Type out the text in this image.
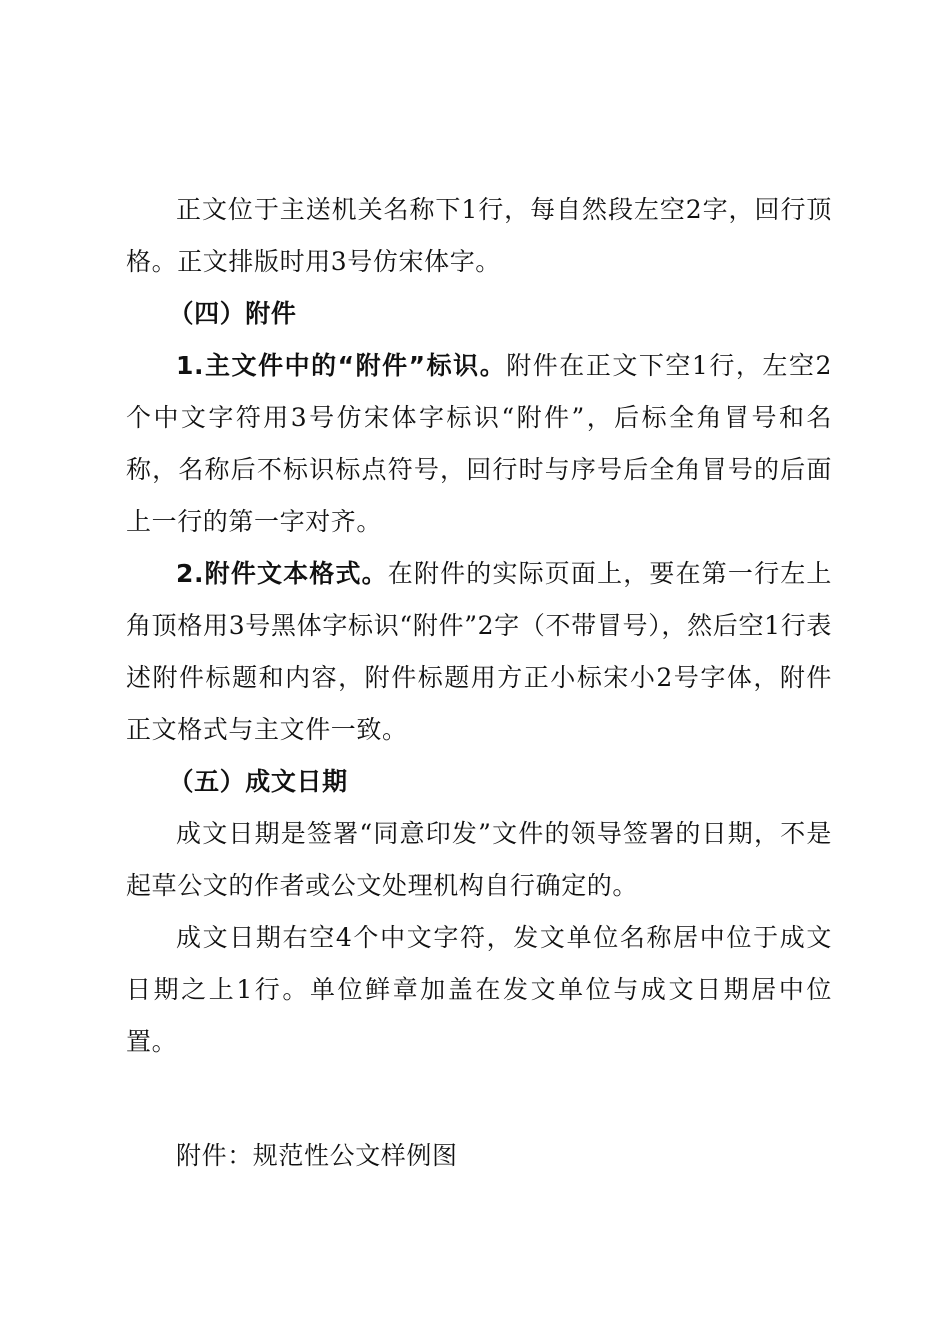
正文位于主送机关名称下1行，每自然段左空2字，回行顶格。正文排版时用3号仿宋体字。

（四）附件

1.主文件中的“附件”标识。附件在正文下空1行，左空2个中文字符用3号仿宋体字标识“附件”，后标全角冒号和名称，名称后不标识标点符号，回行时与序号后全角冒号的后面上一行的第一字对齐。

2.附件文本格式。在附件的实际页面上，要在第一行左上角顶格用3号黑体字标识“附件”2字（不带冒号），然后空1行表述附件标题和内容，附件标题用方正小标宋小2号字体，附件正文格式与主文件一致。

（五）成文日期

成文日期是签署“同意印发”文件的领导签署的日期，不是起草公文的作者或公文处理机构自行确定的。

成文日期右空4个中文字符，发文单位名称居中位于成文日期之上1行。单位鲜章加盖在发文单位与成文日期居中位置。

附件：规范性公文样例图
